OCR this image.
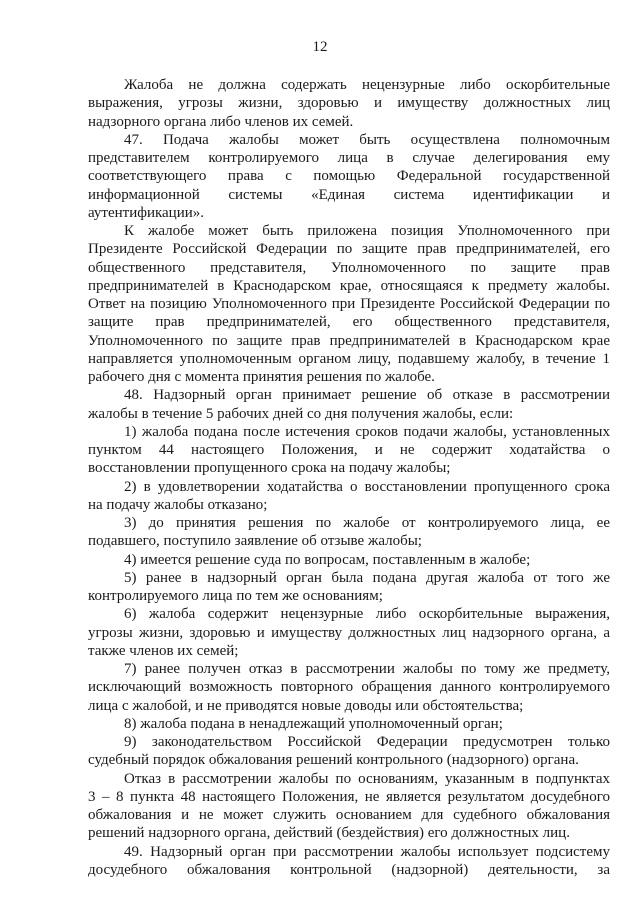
12
Жалоба не должна содержать нецензурные либо оскорбительные
выражения, угрозы жизни, здоровью и имуществу должностных лиц
надзорного органа либо членов их семей.
47. Подача жалобы может быть осуществлена полномочным
представителем контролируемого лица в случае делегирования ему
соответствующего права с помощью Федеральной государственной
информационной системы «Единая система идентификации и
аутентификации».
К жалобе может быть приложена позиция Уполномоченного при
Президенте Российской Федерации по защите прав предпринимателей, его
общественного представителя, Уполномоченного по защите прав
предпринимателей в Краснодарском крае, относящаяся к предмету жалобы.
Ответ на позицию Уполномоченного при Президенте Российской Федерации по
защите прав предпринимателей, его общественного представителя,
Уполномоченного по защите прав предпринимателей в Краснодарском крае
направляется уполномоченным органом лицу, подавшему жалобу, в течение 1
рабочего дня с момента принятия решения по жалобе.
48. Надзорный орган принимает решение об отказе в рассмотрении
жалобы в течение 5 рабочих дней со дня получения жалобы, если:
1) жалоба подана после истечения сроков подачи жалобы, установленных
пунктом 44 настоящего Положения, и не содержит ходатайства о
восстановлении пропущенного срока на подачу жалобы;
2) в удовлетворении ходатайства о восстановлении пропущенного срока
на подачу жалобы отказано;
3) до принятия решения по жалобе от контролируемого лица, ее
подавшего, поступило заявление об отзыве жалобы;
4) имеется решение суда по вопросам, поставленным в жалобе;
5) ранее в надзорный орган была подана другая жалоба от того же
контролируемого лица по тем же основаниям;
6) жалоба содержит нецензурные либо оскорбительные выражения,
угрозы жизни, здоровью и имуществу должностных лиц надзорного органа, а
также членов их семей;
7) ранее получен отказ в рассмотрении жалобы по тому же предмету,
исключающий возможность повторного обращения данного контролируемого
лица с жалобой, и не приводятся новые доводы или обстоятельства;
8) жалоба подана в ненадлежащий уполномоченный орган;
9) законодательством Российской Федерации предусмотрен только
судебный порядок обжалования решений контрольного (надзорного) органа.
Отказ в рассмотрении жалобы по основаниям, указанным в подпунктах
3 – 8 пункта 48 настоящего Положения, не является результатом досудебного
обжалования и не может служить основанием для судебного обжалования
решений надзорного органа, действий (бездействия) его должностных лиц.
49. Надзорный орган при рассмотрении жалобы использует подсистему
досудебного обжалования контрольной (надзорной) деятельности, за
